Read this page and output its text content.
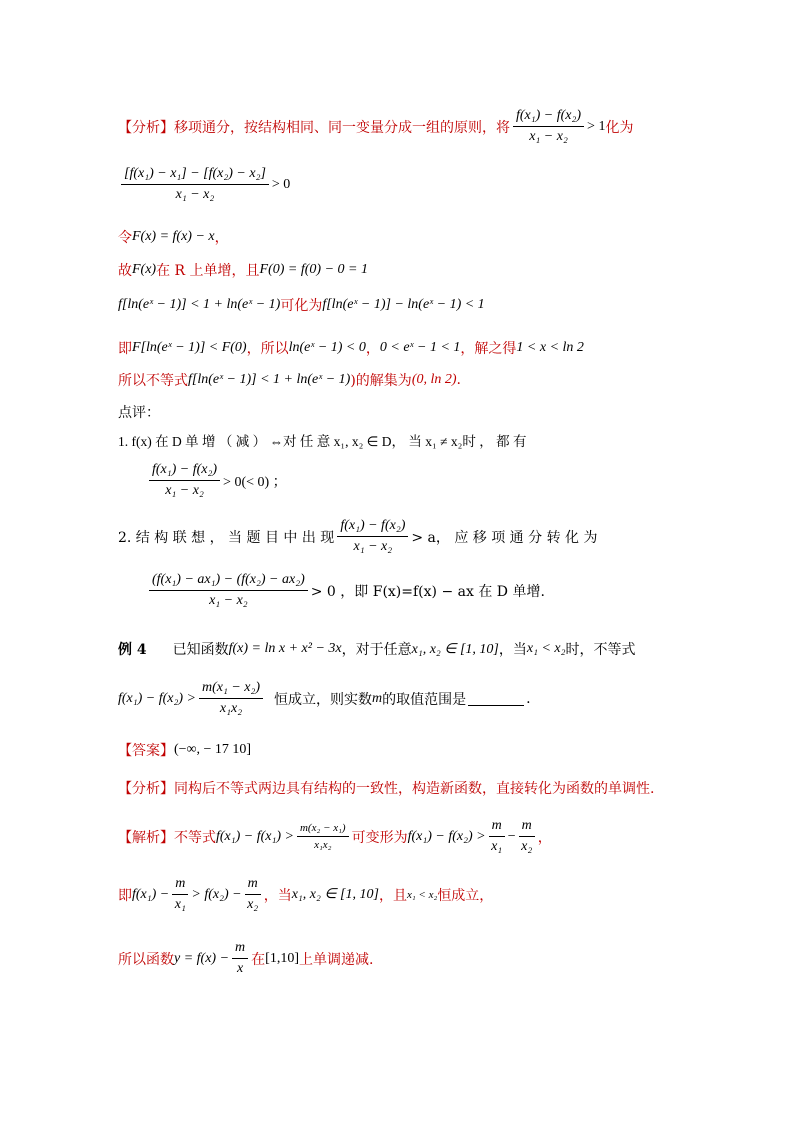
【分析】 移项通分，按结构相同、同一变量分成一组的原则，将 $\frac{\text{f(x₁) − f(x₂)}}{\text{x₁ − x₂}} > 1$ 化为
$\frac{\text{[f(x₁) − x₁] − [f(x₂) − x₂]}}{\text{x₁ − x₂}} > 0$
令 F(x) = f(x) − x ，
故 F(x) 在 R 上单增，且 F(0) = f(0) − 0 = 1
f[ln(eˣ − 1)] < 1 + ln(eˣ − 1) 可化为 f[ln(eˣ − 1)] − ln(eˣ − 1) < 1
即 F[ln(eˣ − 1)] < F(0) ，所以 ln(eˣ − 1) < 0 ， 0 < eˣ − 1 < 1 ，解之得 1 < x < ln 2
所以不等式 f[ln(eˣ − 1)] < 1 + ln(eˣ − 1) )的解集为 (0, ln 2) .
点评：
1. f(x) 在 D 单 增 （ 减 ） ⇔对 任 意 x₁, x₂ ∈ D， 当 x₁ ≠ x₂时 ， 都 有
$\frac{\text{f(x₁) − f(x₂)}}{\text{x₁ − x₂}} > 0(< 0)$ ；
2. 结 构 联 想 ， 当 题 目 中 出 现 $\frac{\text{f(x₁) − f(x₂)}}{\text{x₁ − x₂}} > a$， 应 移 项 通 分 转 化 为
$\frac{\text{(f(x₁) − ax₁) − (f(x₂) − ax₂)}}{\text{x₁ − x₂}} > 0$ ，即 F(x)=f(x) − ax 在 D 单增.
例 4 已知函数 f(x) = ln x + x² − 3x ，对于任意 x₁, x₂ ∈ [1, 10] ，当 x₁ < x₂ 时，不等式
$f(x_1) - f(x_2) > \frac{\text{m(x₁ − x₂)}}{\text{x₁x₂}}$ 恒成立，则实数 m 的取值范围是	.
【答案】 (−∞, − 17 10]
【分析】 同构后不等式两边具有结构的一致性，构造新函数，直接转化为函数的单调性.
【解析】 不等式 $f(x_1) - f(x_1) > \frac{\text{m(x₂ − x₁)}}{\text{x₁x₂}}$ 可变形为 $f(x_1) - f(x_2) > \frac{m}{\text{x₁}} - \frac{m}{\text{x₂}}$ ，
即 $f(x_1) - \frac{m}{\text{x₁}} > f(x_2) - \frac{m}{\text{x₂}}$ ，当 x₁, x₂ ∈ [1, 10] ，且 x₁ < x₂ 恒成立，
所以函数 $y = f(x) - \frac{m}{x}$ 在 [1,10] 上单调递减.
